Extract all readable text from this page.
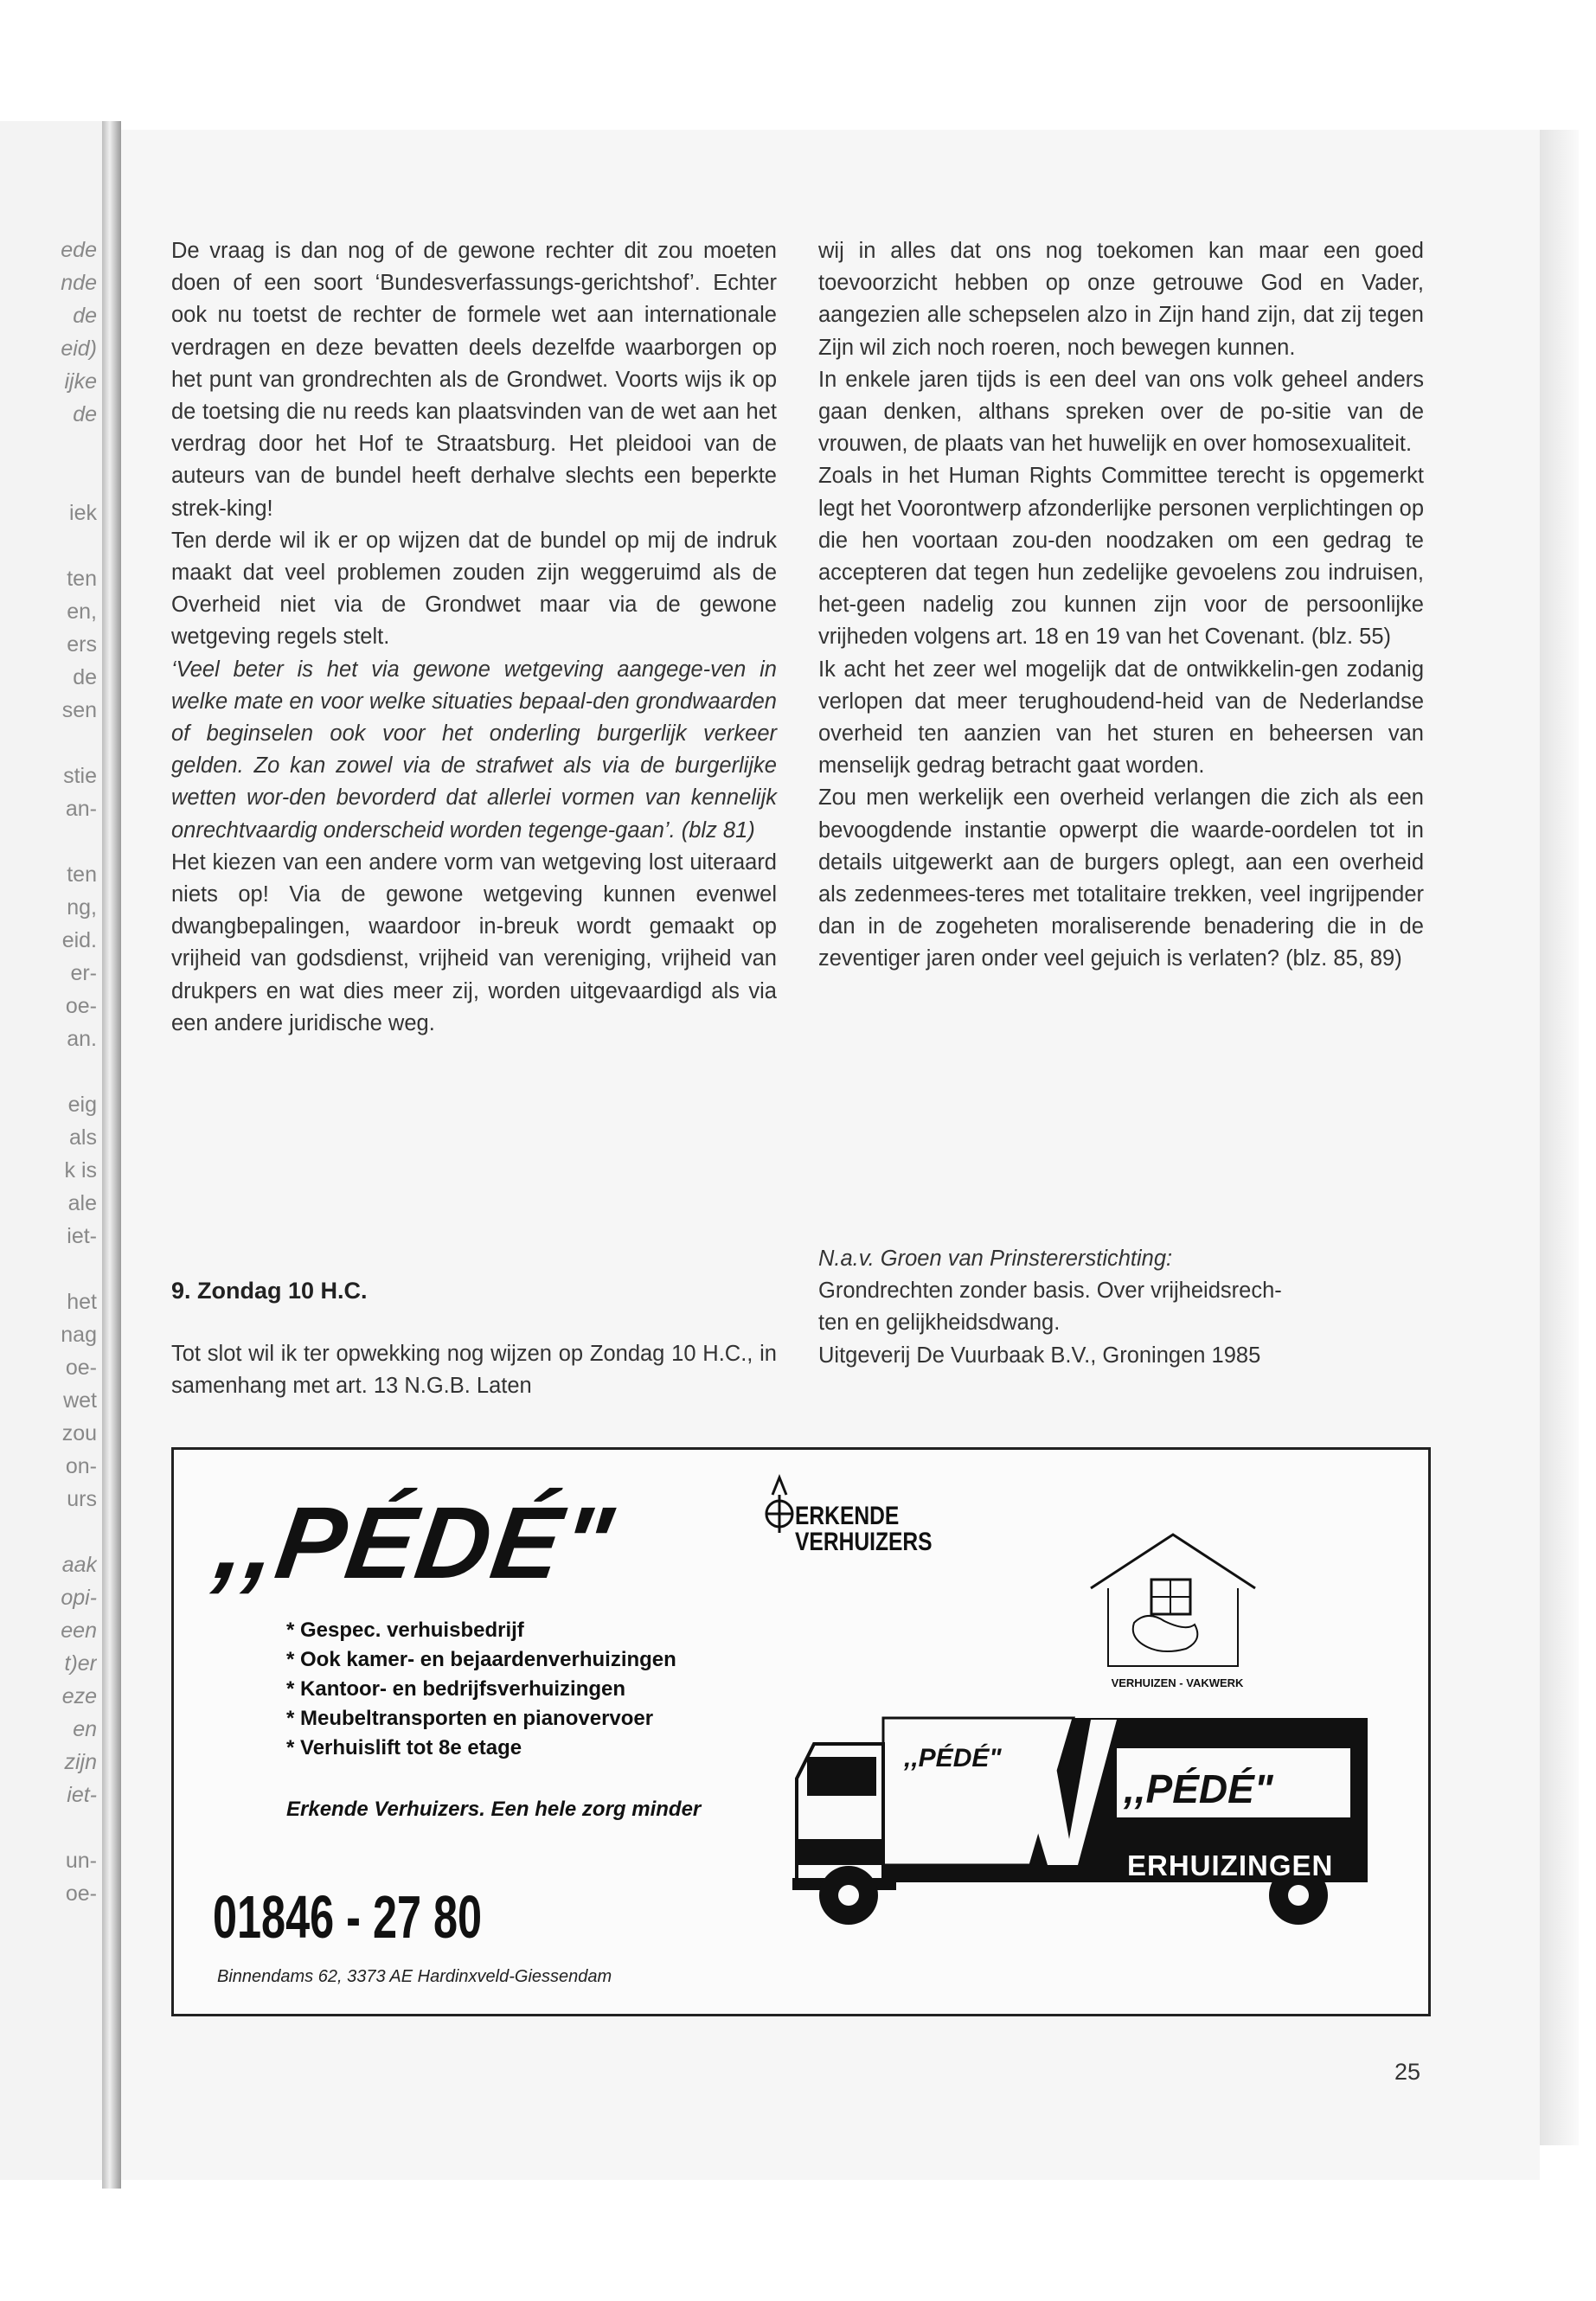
ede
nde
de
eid)
ijke
de
iek
ten
en,
ers
de
sen
stie
an-
ten
ng,
eid.
er-
oe-
an.
eig
als
k is
ale
iet-
het
nag
oe-
wet
zou
on-
urs
aak
opi-
een
t)er
eze
en
zijn
iet-
un-
oe-

De vraag is dan nog of de gewone rechter dit zou moeten doen of een soort ‘Bundesverfassungs-gerichtshof’. Echter ook nu toetst de rechter de formele wet aan internationale verdragen en deze bevatten deels dezelfde waarborgen op het punt van grondrechten als de Grondwet. Voorts wijs ik op de toetsing die nu reeds kan plaatsvinden van de wet aan het verdrag door het Hof te Straatsburg. Het pleidooi van de auteurs van de bundel heeft derhalve slechts een beperkte strek-king!

Ten derde wil ik er op wijzen dat de bundel op mij de indruk maakt dat veel problemen zouden zijn weggeruimd als de Overheid niet via de Grondwet maar via de gewone wetgeving regels stelt.

‘Veel beter is het via gewone wetgeving aangege-ven in welke mate en voor welke situaties bepaal-den grondwaarden of beginselen ook voor het onderling burgerlijk verkeer gelden. Zo kan zowel via de strafwet als via de burgerlijke wetten wor-den bevorderd dat allerlei vormen van kennelijk onrechtvaardig onderscheid worden tegenge-gaan’. (blz 81)

Het kiezen van een andere vorm van wetgeving lost uiteraard niets op! Via de gewone wetgeving kunnen evenwel dwangbepalingen, waardoor in-breuk wordt gemaakt op vrijheid van godsdienst, vrijheid van vereniging, vrijheid van drukpers en wat dies meer zij, worden uitgevaardigd als via een andere juridische weg.

9. Zondag 10 H.C.

Tot slot wil ik ter opwekking nog wijzen op Zondag 10 H.C., in samenhang met art. 13 N.G.B. Laten

wij in alles dat ons nog toekomen kan maar een goed toevoorzicht hebben op onze getrouwe God en Vader, aangezien alle schepselen alzo in Zijn hand zijn, dat zij tegen Zijn wil zich noch roeren, noch bewegen kunnen.

In enkele jaren tijds is een deel van ons volk geheel anders gaan denken, althans spreken over de po-sitie van de vrouwen, de plaats van het huwelijk en over homosexualiteit.

Zoals in het Human Rights Committee terecht is opgemerkt legt het Voorontwerp afzonderlijke personen verplichtingen op die hen voortaan zou-den noodzaken om een gedrag te accepteren dat tegen hun zedelijke gevoelens zou indruisen, het-geen nadelig zou kunnen zijn voor de persoonlijke vrijheden volgens art. 18 en 19 van het Covenant. (blz. 55)

Ik acht het zeer wel mogelijk dat de ontwikkelin-gen zodanig verlopen dat meer terughoudend-heid van de Nederlandse overheid ten aanzien van het sturen en beheersen van menselijk gedrag betracht gaat worden.

Zou men werkelijk een overheid verlangen die zich als een bevoogdende instantie opwerpt die waarde-oordelen tot in details uitgewerkt aan de burgers oplegt, aan een overheid als zedenmees-teres met totalitaire trekken, veel ingrijpender dan in de zogeheten moraliserende benadering die in de zeventiger jaren onder veel gejuich is verlaten? (blz. 85, 89)

N.a.v. Groen van Prinstererstichting:
Grondrechten zonder basis. Over vrijheidsrech-
ten en gelijkheidsdwang.
Uitgeverij De Vuurbaak B.V., Groningen 1985
,,PÉDÉ"	ERKENDE
VERHUIZERS
* Gespec. verhuisbedrijf
* Ook kamer- en bejaardenverhuizingen
* Kantoor- en bedrijfsverhuizingen
* Meubeltransporten en pianovervoer
* Verhuislift tot 8e etage
Erkende Verhuizers. Een hele zorg minder
01846 - 27 80
Binnendams 62, 3373 AE Hardinxveld-Giessendam
VERHUIZEN - VAKWERK
,,PÉDÉ"
,,PÉDÉ"
ERHUIZINGEN
25
